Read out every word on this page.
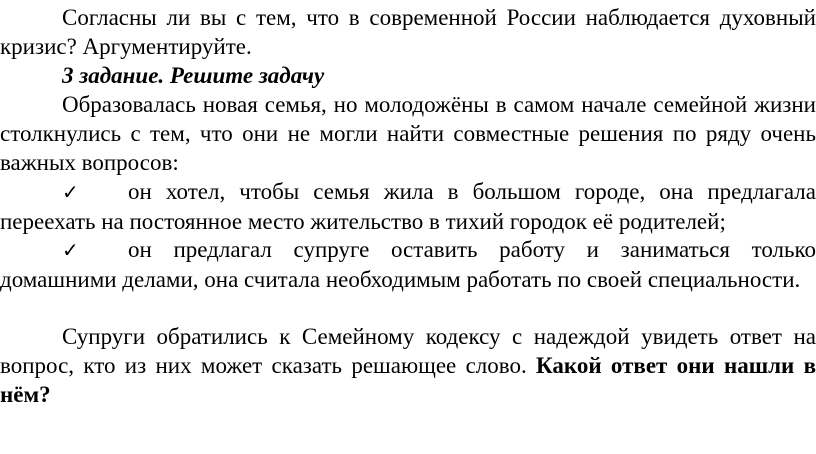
Согласны ли вы с тем, что в современной России наблюдается духовный кризис? Аргументируйте.

3 задание. Решите задачу

Образовалась новая семья, но молодожёны в самом начале семейной жизни столкнулись с тем, что они не могли найти совместные решения по ряду очень важных вопросов:

✓ он хотел, чтобы семья жила в большом городе, она предлагала переехать на постоянное место жительство в тихий городок её родителей;

✓ он предлагал супруге оставить работу и заниматься только домашними делами, она считала необходимым работать по своей специальности.

Супруги обратились к Семейному кодексу с надеждой увидеть ответ на вопрос, кто из них может сказать решающее слово. Какой ответ они нашли в нём?
